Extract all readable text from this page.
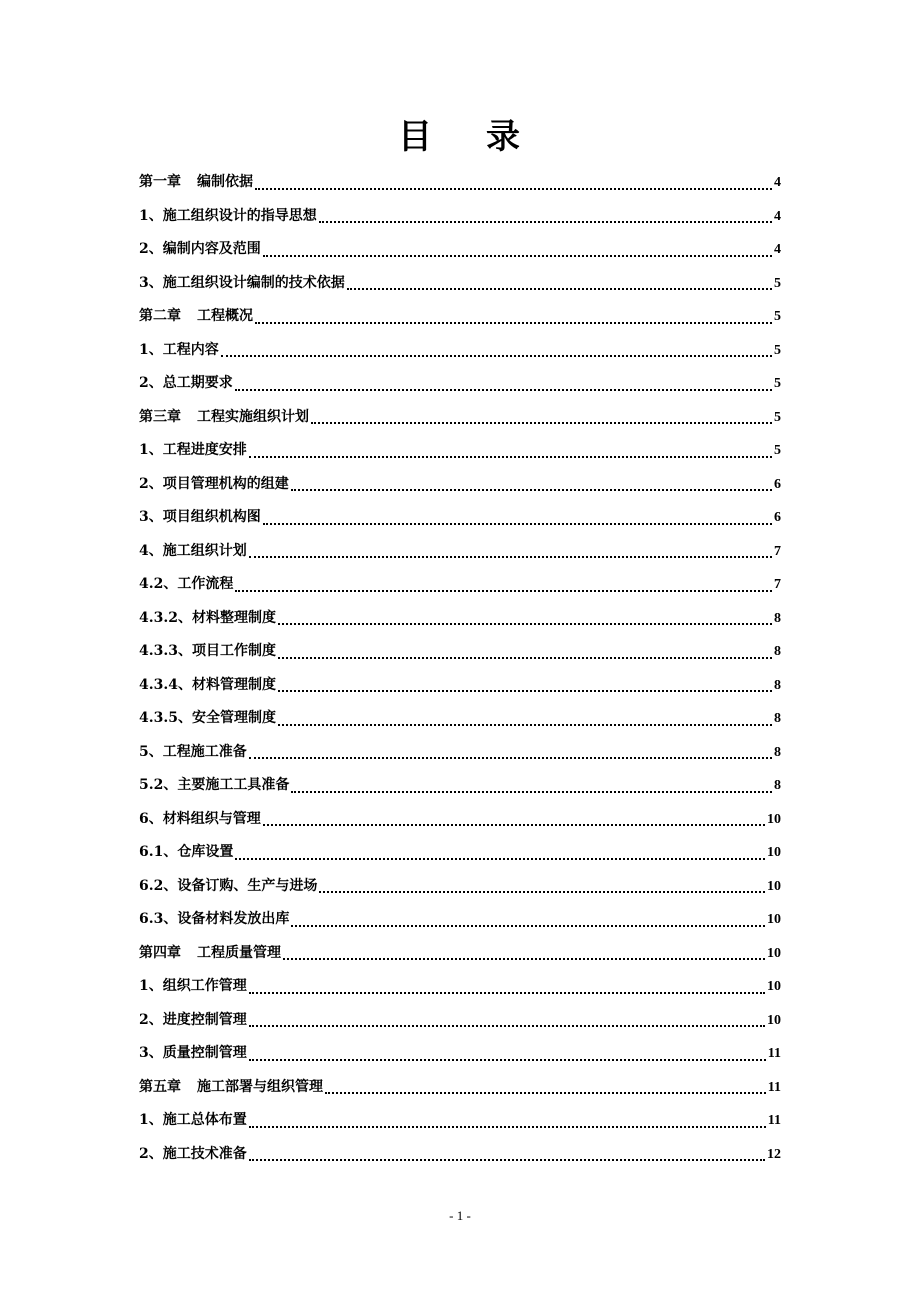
目 录
第一章 编制依据	4
1、施工组织设计的指导思想	4
2、编制内容及范围	4
3、施工组织设计编制的技术依据	5
第二章 工程概况	5
1、工程内容	5
2、总工期要求	5
第三章 工程实施组织计划	5
1、工程进度安排	5
2、项目管理机构的组建	6
3、项目组织机构图	6
4、施工组织计划	7
4.2、工作流程	7
4.3.2、材料整理制度	8
4.3.3、项目工作制度	8
4.3.4、材料管理制度	8
4.3.5、安全管理制度	8
5、工程施工准备	8
5.2、主要施工工具准备	8
6、材料组织与管理	10
6.1、仓库设置	10
6.2、设备订购、生产与进场	10
6.3、设备材料发放出库	10
第四章 工程质量管理	10
1、组织工作管理	10
2、进度控制管理	10
3、质量控制管理	11
第五章 施工部署与组织管理	11
1、施工总体布置	11
2、施工技术准备	12
- 1 -
